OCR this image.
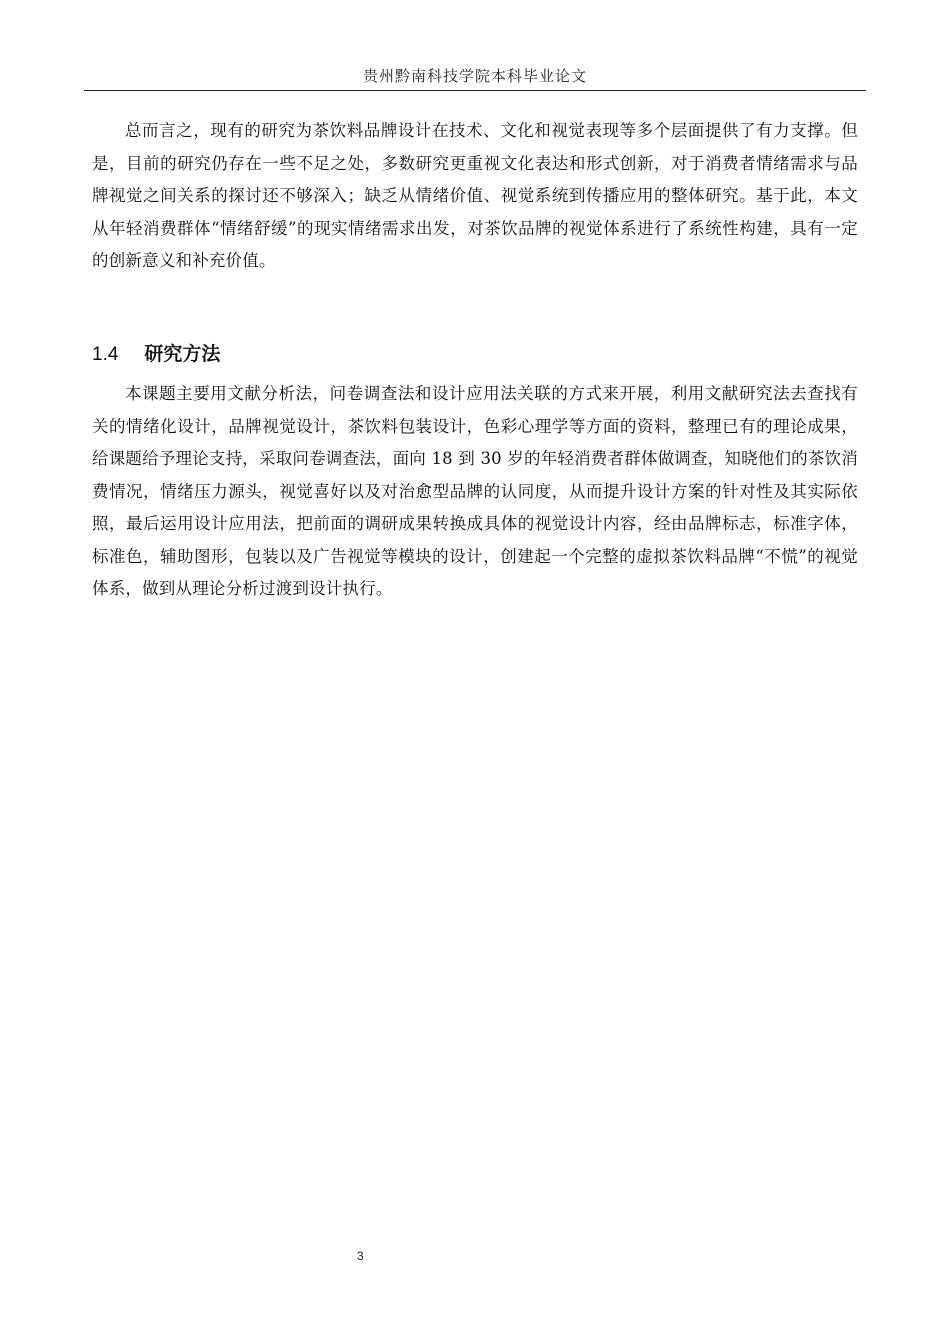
贵州黔南科技学院本科毕业论文

总而言之，现有的研究为茶饮料品牌设计在技术、文化和视觉表现等多个层面提供了有力支撑。但是，目前的研究仍存在一些不足之处，多数研究更重视文化表达和形式创新，对于消费者情绪需求与品牌视觉之间关系的探讨还不够深入；缺乏从情绪价值、视觉系统到传播应用的整体研究。基于此，本文从年轻消费群体“情绪舒缓”的现实情绪需求出发，对茶饮品牌的视觉体系进行了系统性构建，具有一定的创新意义和补充价值。

1.4 研究方法

本课题主要用文献分析法，问卷调查法和设计应用法关联的方式来开展，利用文献研究法去查找有关的情绪化设计，品牌视觉设计，茶饮料包装设计，色彩心理学等方面的资料，整理已有的理论成果，给课题给予理论支持，采取问卷调查法，面向 18 到 30 岁的年轻消费者群体做调查，知晓他们的茶饮消费情况，情绪压力源头，视觉喜好以及对治愈型品牌的认同度，从而提升设计方案的针对性及其实际依照，最后运用设计应用法，把前面的调研成果转换成具体的视觉设计内容，经由品牌标志，标准字体，标准色，辅助图形，包装以及广告视觉等模块的设计，创建起一个完整的虚拟茶饮料品牌“不慌”的视觉体系，做到从理论分析过渡到设计执行。

3
